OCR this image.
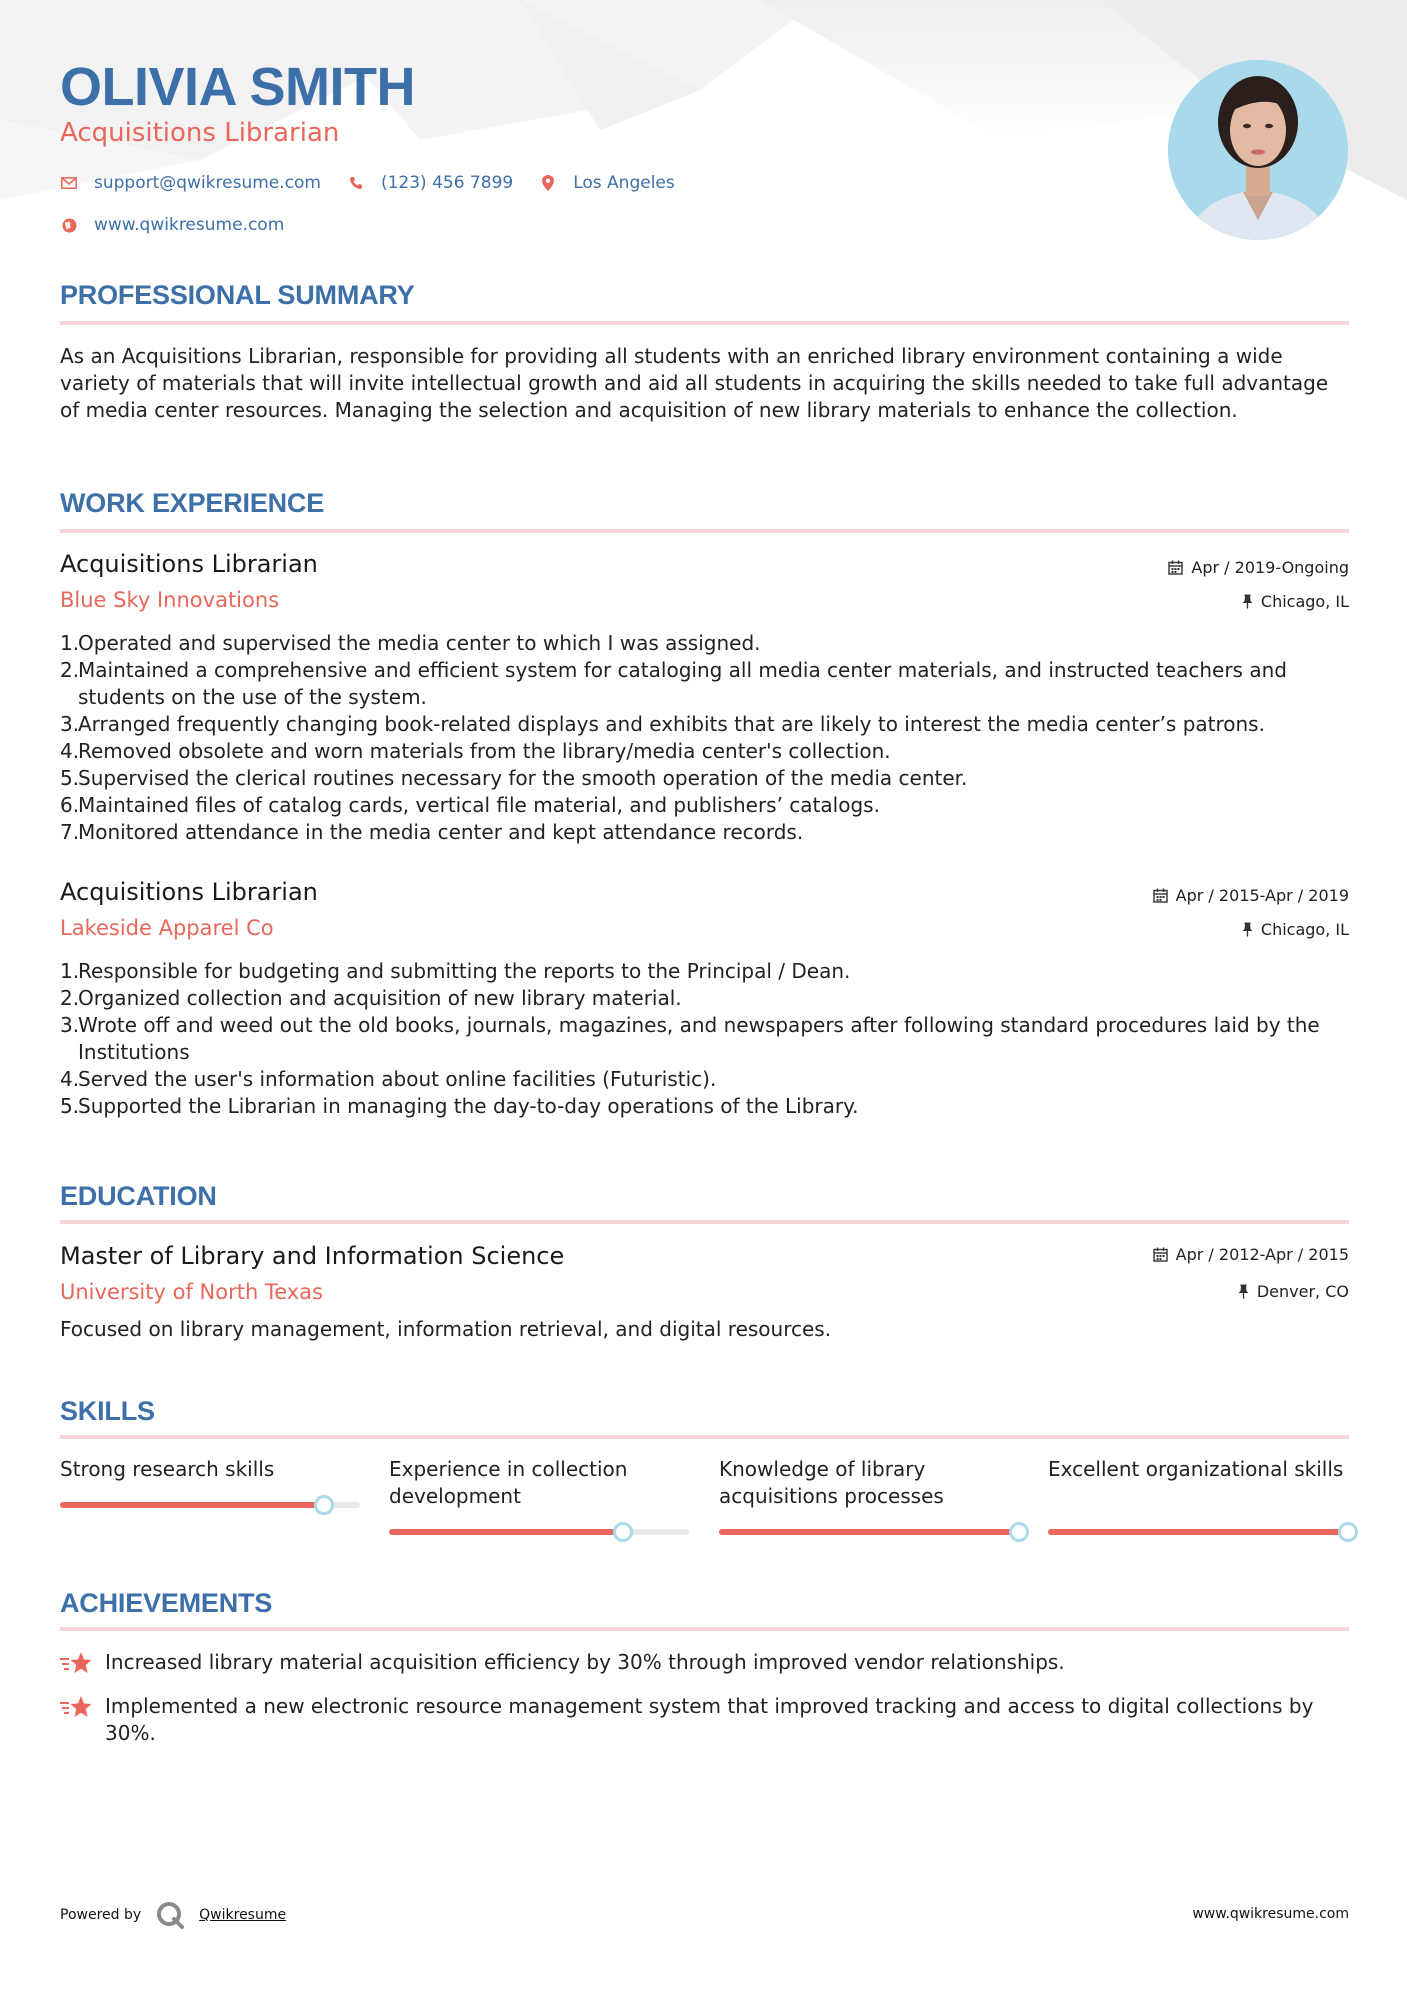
OLIVIA SMITH
Acquisitions Librarian
support@qwikresume.com	(123) 456 7899	Los Angeles
www.qwikresume.com
PROFESSIONAL SUMMARY
As an Acquisitions Librarian, responsible for providing all students with an enriched library environment containing a wide variety of materials that will invite intellectual growth and aid all students in acquiring the skills needed to take full advantage of media center resources. Managing the selection and acquisition of new library materials to enhance the collection.
WORK EXPERIENCE
Acquisitions Librarian	Apr / 2019-Ongoing
Blue Sky Innovations	Chicago, IL
1.
Operated and supervised the media center to which I was assigned.
2.
Maintained a comprehensive and efficient system for cataloging all media center materials, and instructed teachers and students on the use of the system.
3.
Arranged frequently changing book-related displays and exhibits that are likely to interest the media center’s patrons.
4.
Removed obsolete and worn materials from the library/media center's collection.
5.
Supervised the clerical routines necessary for the smooth operation of the media center.
6.
Maintained files of catalog cards, vertical file material, and publishers’ catalogs.
7.
Monitored attendance in the media center and kept attendance records.
Acquisitions Librarian	Apr / 2015-Apr / 2019
Lakeside Apparel Co	Chicago, IL
1.
Responsible for budgeting and submitting the reports to the Principal / Dean.
2.
Organized collection and acquisition of new library material.
3.
Wrote off and weed out the old books, journals, magazines, and newspapers after following standard procedures laid by the Institutions
4.
Served the user's information about online facilities (Futuristic).
5.
Supported the Librarian in managing the day-to-day operations of the Library.
EDUCATION
Master of Library and Information Science	Apr / 2012-Apr / 2015
University of North Texas	Denver, CO
Focused on library management, information retrieval, and digital resources.
SKILLS
Strong research skills	Experience in collection development
Knowledge of library acquisitions processes
Excellent organizational skills
ACHIEVEMENTS
Increased library material acquisition efficiency by 30% through improved vendor relationships.
Implemented a new electronic resource management system that improved tracking and access to digital collections by 30%.
Powered by	Qwikresume	www.qwikresume.com
